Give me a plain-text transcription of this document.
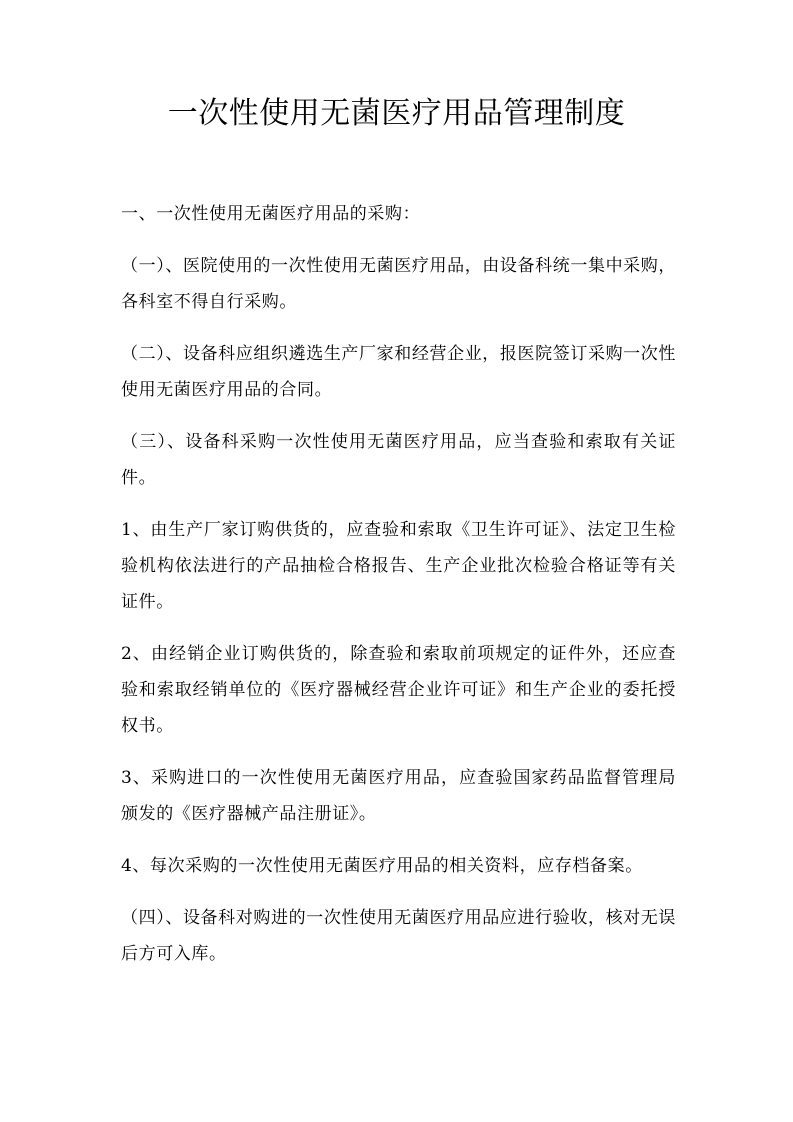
一次性使用无菌医疗用品管理制度

一、一次性使用无菌医疗用品的采购：

（一）、医院使用的一次性使用无菌医疗用品，由设备科统一集中采购，各科室不得自行采购。

（二）、设备科应组织遴选生产厂家和经营企业，报医院签订采购一次性使用无菌医疗用品的合同。

（三）、设备科采购一次性使用无菌医疗用品，应当查验和索取有关证件。

1、由生产厂家订购供货的，应查验和索取《卫生许可证》、法定卫生检验机构依法进行的产品抽检合格报告、生产企业批次检验合格证等有关证件。

2、由经销企业订购供货的，除查验和索取前项规定的证件外，还应查验和索取经销单位的《医疗器械经营企业许可证》和生产企业的委托授权书。

3、采购进口的一次性使用无菌医疗用品，应查验国家药品监督管理局颁发的《医疗器械产品注册证》。

4、每次采购的一次性使用无菌医疗用品的相关资料，应存档备案。

（四）、设备科对购进的一次性使用无菌医疗用品应进行验收，核对无误后方可入库。
